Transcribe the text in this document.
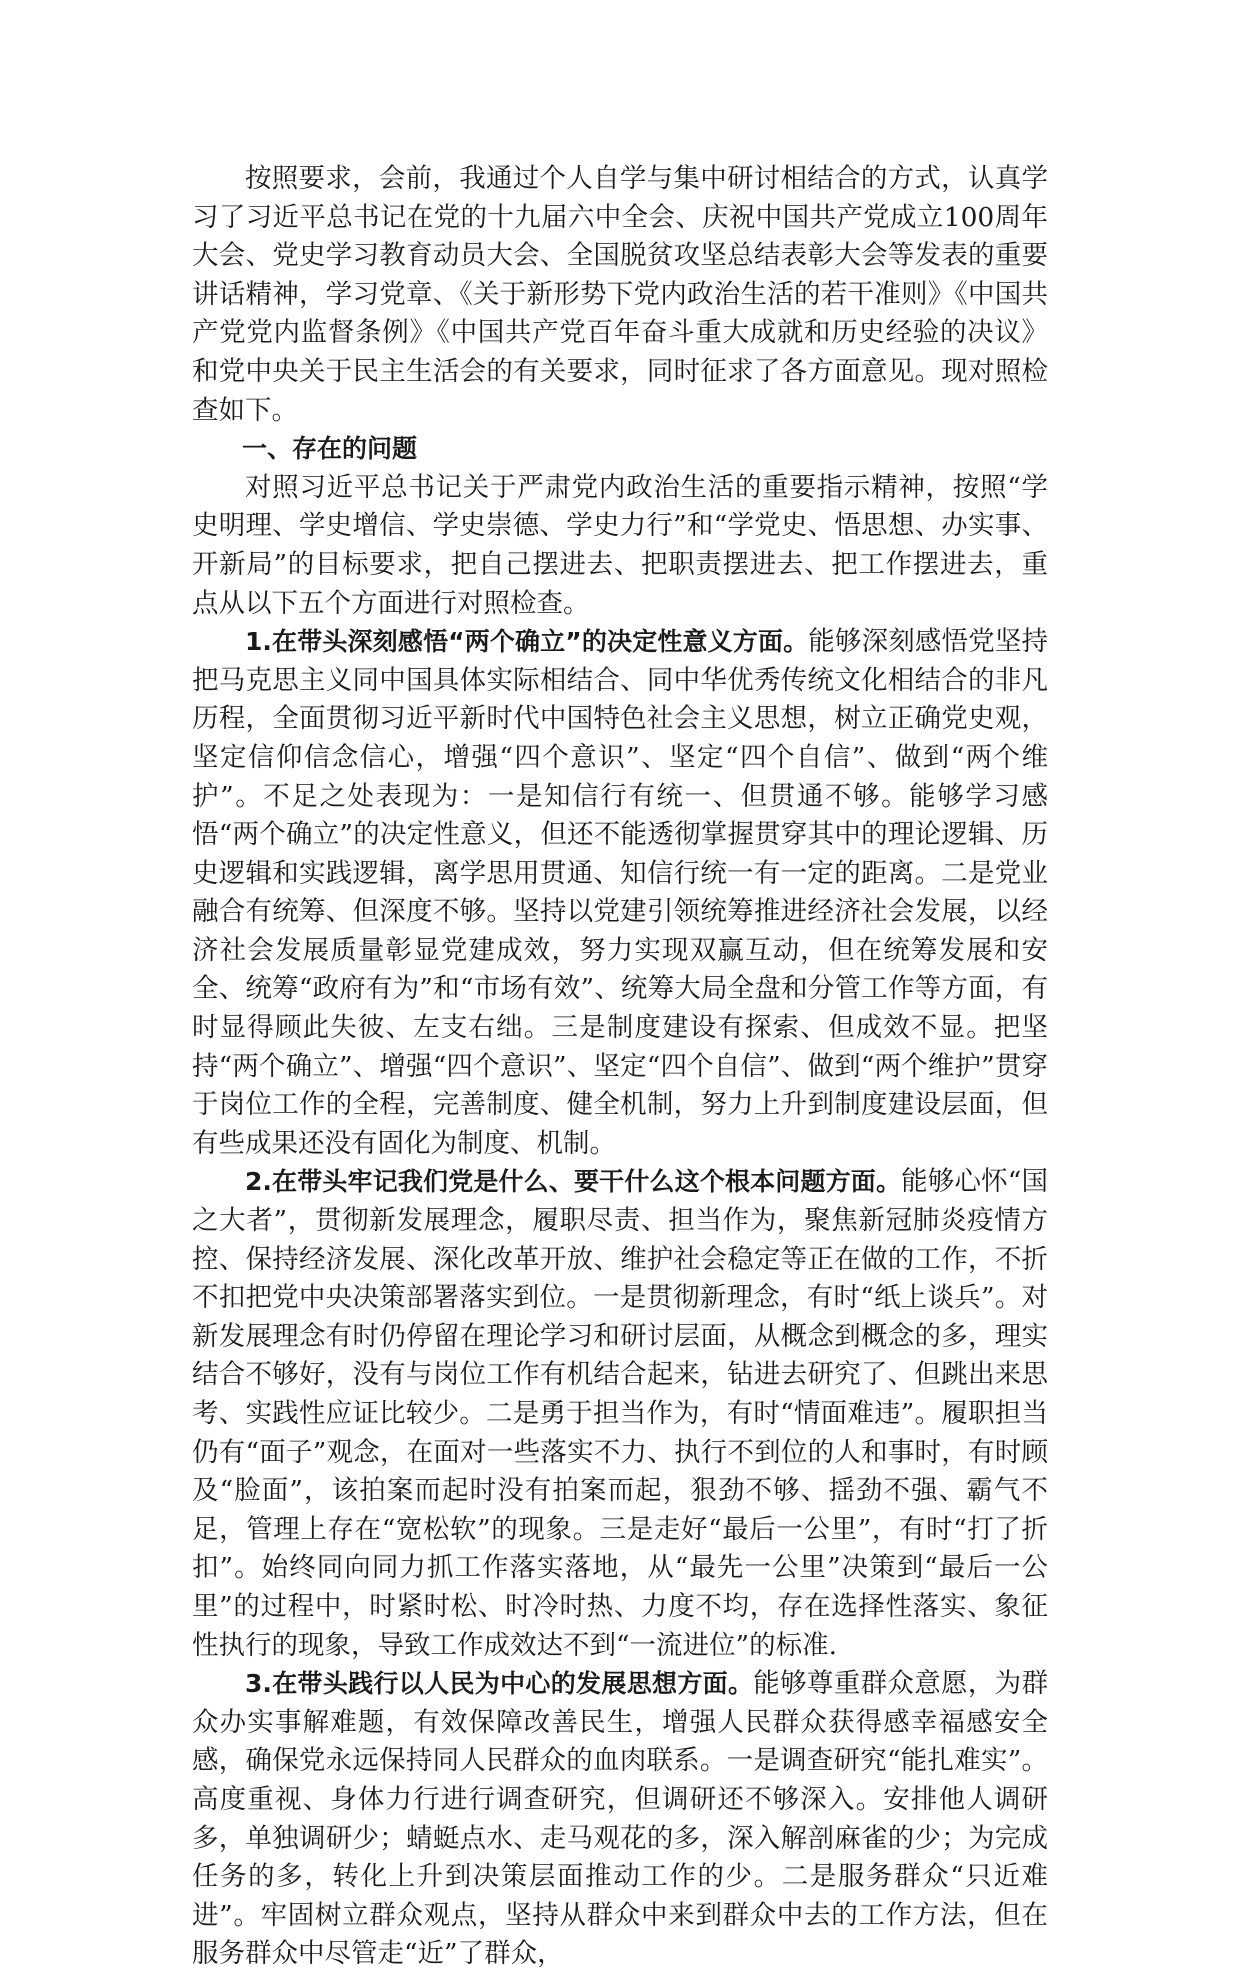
按照要求，会前，我通过个人自学与集中研讨相结合的方式，认真学习了习近平总书记在党的十九届六中全会、庆祝中国共产党成立100周年大会、党史学习教育动员大会、全国脱贫攻坚总结表彰大会等发表的重要讲话精神，学习党章、《关于新形势下党内政治生活的若干准则》《中国共产党党内监督条例》《中国共产党百年奋斗重大成就和历史经验的决议》和党中央关于民主生活会的有关要求，同时征求了各方面意见。现对照检查如下。

一、存在的问题

对照习近平总书记关于严肃党内政治生活的重要指示精神，按照“学史明理、学史增信、学史崇德、学史力行”和“学党史、悟思想、办实事、开新局”的目标要求，把自己摆进去、把职责摆进去、把工作摆进去，重点从以下五个方面进行对照检查。

1.在带头深刻感悟“两个确立”的决定性意义方面。能够深刻感悟党坚持把马克思主义同中国具体实际相结合、同中华优秀传统文化相结合的非凡历程，全面贯彻习近平新时代中国特色社会主义思想，树立正确党史观，坚定信仰信念信心，增强“四个意识”、坚定“四个自信”、做到“两个维护”。不足之处表现为：一是知信行有统一、但贯通不够。能够学习感悟“两个确立”的决定性意义，但还不能透彻掌握贯穿其中的理论逻辑、历史逻辑和实践逻辑，离学思用贯通、知信行统一有一定的距离。二是党业融合有统筹、但深度不够。坚持以党建引领统筹推进经济社会发展，以经济社会发展质量彰显党建成效，努力实现双赢互动，但在统筹发展和安全、统筹“政府有为”和“市场有效”、统筹大局全盘和分管工作等方面，有时显得顾此失彼、左支右绌。三是制度建设有探索、但成效不显。把坚持“两个确立”、增强“四个意识”、坚定“四个自信”、做到“两个维护”贯穿于岗位工作的全程，完善制度、健全机制，努力上升到制度建设层面，但有些成果还没有固化为制度、机制。

2.在带头牢记我们党是什么、要干什么这个根本问题方面。能够心怀“国之大者”，贯彻新发展理念，履职尽责、担当作为，聚焦新冠肺炎疫情方控、保持经济发展、深化改革开放、维护社会稳定等正在做的工作，不折不扣把党中央决策部署落实到位。一是贯彻新理念，有时“纸上谈兵”。对新发展理念有时仍停留在理论学习和研讨层面，从概念到概念的多，理实结合不够好，没有与岗位工作有机结合起来，钻进去研究了、但跳出来思考、实践性应证比较少。二是勇于担当作为，有时“情面难违”。履职担当仍有“面子”观念，在面对一些落实不力、执行不到位的人和事时，有时顾及“脸面”，该拍案而起时没有拍案而起，狠劲不够、揺劲不强、霸气不足，管理上存在“宽松软”的现象。三是走好“最后一公里”，有时“打了折扣”。始终同向同力抓工作落实落地，从“最先一公里”决策到“最后一公里”的过程中，时紧时松、时冷时热、力度不均，存在选择性落实、象征性执行的现象，导致工作成效达不到“一流进位”的标准.

3.在带头践行以人民为中心的发展思想方面。能够尊重群众意愿，为群众办实事解难题，有效保障改善民生，增强人民群众获得感幸福感安全感，确保党永远保持同人民群众的血肉联系。一是调查研究“能扎难实”。高度重视、身体力行进行调查研究，但调研还不够深入。安排他人调研多，单独调研少；蜻蜓点水、走马观花的多，深入解剖麻雀的少；为完成任务的多，转化上升到决策层面推动工作的少。二是服务群众“只近难进”。牢固树立群众观点，坚持从群众中来到群众中去的工作方法，但在服务群众中尽管走“近”了群众，
